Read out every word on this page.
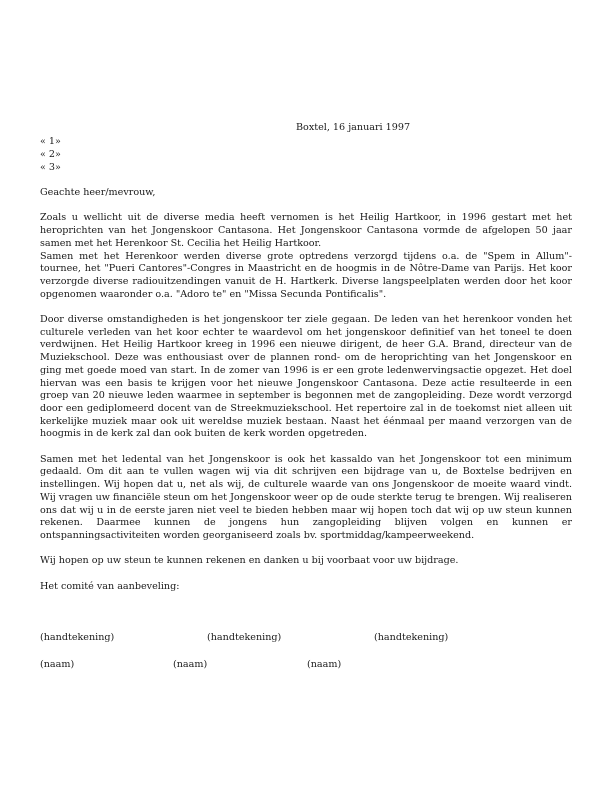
Boxtel, 16 januari 1997
« 1»
« 2»
« 3»

Geachte heer/mevrouw,

Zoals u wellicht uit de diverse media heeft vernomen is het Heilig Hartkoor, in 1996 gestart met het heroprichten van het Jongenskoor Cantasona. Het Jongenskoor Cantasona vormde de afgelopen 50 jaar samen met het Herenkoor St. Cecilia het Heilig Hartkoor.

Samen met het Herenkoor werden diverse grote optredens verzorgd tijdens o.a. de "Spem in Allum"-tournee, het "Pueri Cantores"-Congres in Maastricht en de hoogmis in de Nôtre-Dame van Parijs. Het koor verzorgde diverse radiouitzendingen vanuit de H. Hartkerk. Diverse langspeelplaten werden door het koor opgenomen waaronder o.a. "Adoro te" en "Missa Secunda Pontificalis".

Door diverse omstandigheden is het jongenskoor ter ziele gegaan. De leden van het herenkoor vonden het culturele verleden van het koor echter te waardevol om het jongenskoor definitief van het toneel te doen verdwijnen. Het Heilig Hartkoor kreeg in 1996 een nieuwe dirigent, de heer G.A. Brand, directeur van de Muziekschool. Deze was enthousiast over de plannen rond- om de heroprichting van het Jongenskoor en ging met goede moed van start. In de zomer van 1996 is er een grote ledenwervingsactie opgezet. Het doel hiervan was een basis te krijgen voor het nieuwe Jongenskoor Cantasona. Deze actie resulteerde in een groep van 20 nieuwe leden waarmee in september is begonnen met de zangopleiding. Deze wordt verzorgd door een gediplomeerd docent van de Streekmuziekschool. Het repertoire zal in de toekomst niet alleen uit kerkelijke muziek maar ook uit wereldse muziek bestaan. Naast het éénmaal per maand verzorgen van de hoogmis in de kerk zal dan ook buiten de kerk worden opgetreden.

Samen met het ledental van het Jongenskoor is ook het kassaldo van het Jongenskoor tot een minimum gedaald. Om dit aan te vullen wagen wij via dit schrijven een bijdrage van u, de Boxtelse bedrijven en instellingen. Wij hopen dat u, net als wij, de culturele waarde van ons Jongenskoor de moeite waard vindt. Wij vragen uw financiële steun om het Jongenskoor weer op de oude sterkte terug te brengen. Wij realiseren ons dat wij u in de eerste jaren niet veel te bieden hebben maar wij hopen toch dat wij op uw steun kunnen rekenen. Daarmee kunnen de jongens hun zangopleiding blijven volgen en kunnen er ontspanningsactiviteiten worden georganiseerd zoals bv. sportmiddag/kampeerweekend.

Wij hopen op uw steun te kunnen rekenen en danken u bij voorbaat voor uw bijdrage.

Het comité van aanbeveling:

(handtekening)	(handtekening)	(handtekening)
(naam)	(naam)	(naam)
